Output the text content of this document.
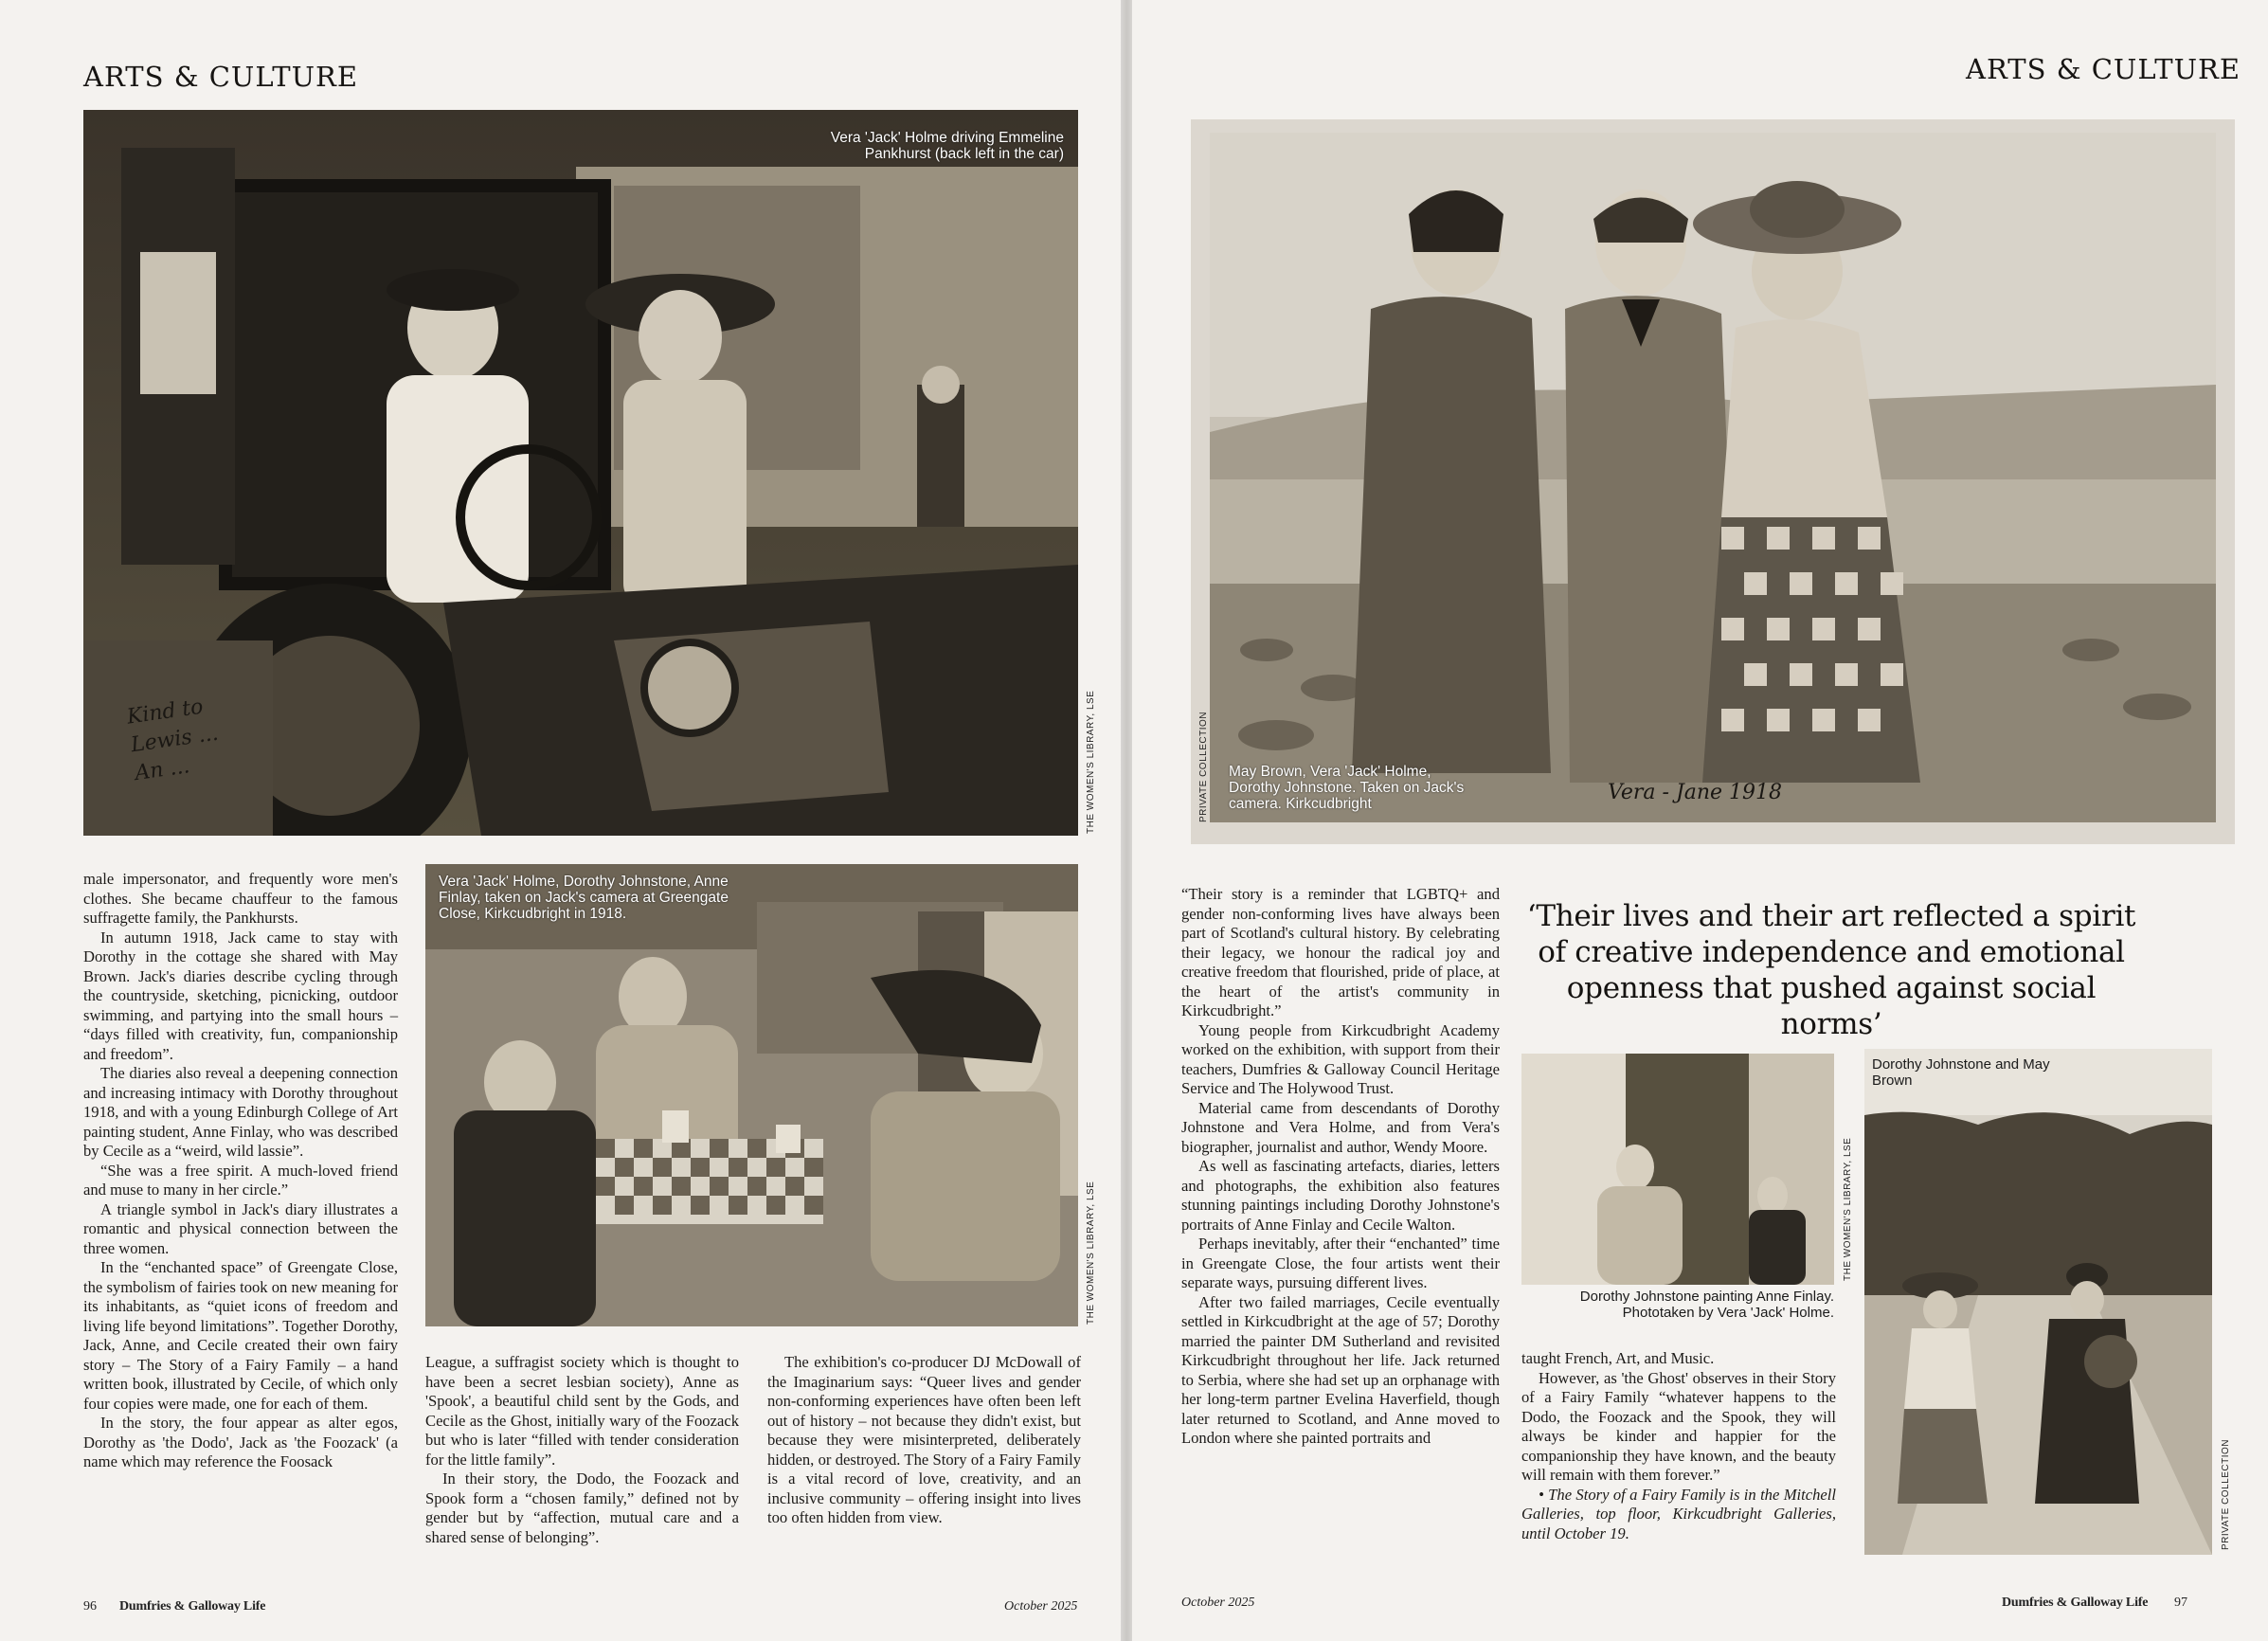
ARTS & CULTURE
Vera 'Jack' Holme driving Emmeline Pankhurst (back left in the car)
Kind to
Lewis ...
An ...	THE WOMEN'S LIBRARY, LSE
Vera 'Jack' Holme, Dorothy Johnstone, Anne Finlay, taken on Jack's camera at Greengate Close, Kirkcudbright in 1918.
THE WOMEN'S LIBRARY, LSE

male impersonator, and frequently wore men's clothes. She became chauffeur to the famous suffragette family, the Pankhursts.

In autumn 1918, Jack came to stay with Dorothy in the cottage she shared with May Brown. Jack's diaries describe cycling through the countryside, sketching, picnicking, outdoor swimming, and partying into the small hours – “days filled with creativity, fun, companionship and freedom”.

The diaries also reveal a deepening connection and increasing intimacy with Dorothy throughout 1918, and with a young Edinburgh College of Art painting student, Anne Finlay, who was described by Cecile as a “weird, wild lassie”.

“She was a free spirit. A much-loved friend and muse to many in her circle.”

A triangle symbol in Jack's diary illustrates a romantic and physical connection between the three women.

In the “enchanted space” of Greengate Close, the symbolism of fairies took on new meaning for its inhabitants, as “quiet icons of freedom and living life beyond limitations”. Together Dorothy, Jack, Anne, and Cecile created their own fairy story – The Story of a Fairy Family – a hand written book, illustrated by Cecile, of which only four copies were made, one for each of them.

In the story, the four appear as alter egos, Dorothy as 'the Dodo', Jack as 'the Foozack' (a name which may reference the Foosack

League, a suffragist society which is thought to have been a secret lesbian society), Anne as 'Spook', a beautiful child sent by the Gods, and Cecile as the Ghost, initially wary of the Foozack but who is later “filled with tender consideration for the little family”.

In their story, the Dodo, the Foozack and Spook form a “chosen family,” defined not by gender but by “affection, mutual care and a shared sense of belonging”.

The exhibition's co-producer DJ McDowall of the Imaginarium says: “Queer lives and gender non-conforming experiences have often been left out of history – not because they didn't exist, but because they were misinterpreted, deliberately hidden, or destroyed. The Story of a Fairy Family is a vital record of love, creativity, and an inclusive community – offering insight into lives too often hidden from view.

96 Dumfries & Galloway Life	October 2025
ARTS & CULTURE
May Brown, Vera 'Jack' Holme, Dorothy Johnstone. Taken on Jack's camera. Kirkcudbright	Vera - Jane 1918
PRIVATE COLLECTION
‘Their lives and their art reflected a spirit of creative independence and emotional openness that pushed against social norms’
THE WOMEN'S LIBRARY, LSE
Dorothy Johnstone painting Anne Finlay. Phototaken by Vera 'Jack' Holme.
Dorothy Johnstone and May Brown
PRIVATE COLLECTION

“Their story is a reminder that LGBTQ+ and gender non-conforming lives have always been part of Scotland's cultural history. By celebrating their legacy, we honour the radical joy and creative freedom that flourished, pride of place, at the heart of the artist's community in Kirkcudbright.”

Young people from Kirkcudbright Academy worked on the exhibition, with support from their teachers, Dumfries & Galloway Council Heritage Service and The Holywood Trust.

Material came from descendants of Dorothy Johnstone and Vera Holme, and from Vera's biographer, journalist and author, Wendy Moore.

As well as fascinating artefacts, diaries, letters and photographs, the exhibition also features stunning paintings including Dorothy Johnstone's portraits of Anne Finlay and Cecile Walton.

Perhaps inevitably, after their “enchanted” time in Greengate Close, the four artists went their separate ways, pursuing different lives.

After two failed marriages, Cecile eventually settled in Kirkcudbright at the age of 57; Dorothy married the painter DM Sutherland and revisited Kirkcudbright throughout her life. Jack returned to Serbia, where she had set up an orphanage with her long-term partner Evelina Haverfield, though later returned to Scotland, and Anne moved to London where she painted portraits and

taught French, Art, and Music.

However, as 'the Ghost' observes in their Story of a Fairy Family “whatever happens to the Dodo, the Foozack and the Spook, they will always be kinder and happier for the companionship they have known, and the beauty will remain with them forever.”

• The Story of a Fairy Family is in the Mitchell Galleries, top floor, Kirkcudbright Galleries, until October 19.

October 2025	Dumfries & Galloway Life 97
